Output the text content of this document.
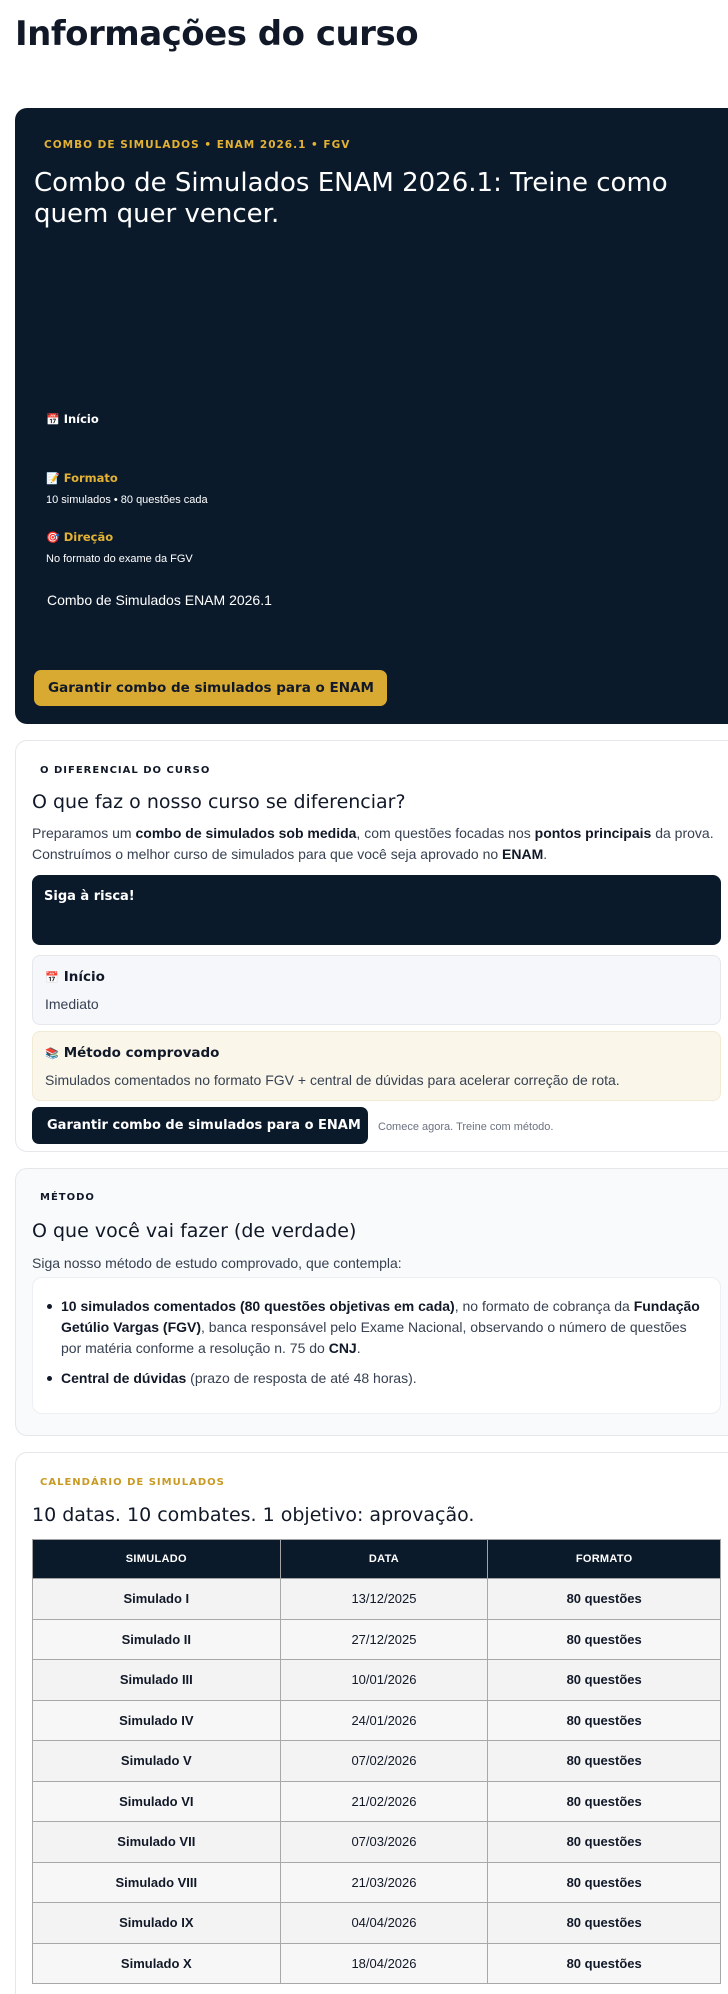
Informações do curso
COMBO DE SIMULADOS • ENAM 2026.1 • FGV
Combo de Simulados ENAM 2026.1: Treine como quem quer vencer.
📅 Início
📝 Formato
10 simulados • 80 questões cada
🎯 Direção
No formato do exame da FGV
Combo de Simulados ENAM 2026.1
Garantir combo de simulados para o ENAM
O DIFERENCIAL DO CURSO
O que faz o nosso curso se diferenciar?
Preparamos um combo de simulados sob medida, com questões focadas nos pontos principais da prova. Construímos o melhor curso de simulados para que você seja aprovado no ENAM.
Siga à risca!
📅 Início
Imediato
📚 Método comprovado
Simulados comentados no formato FGV + central de dúvidas para acelerar correção de rota.
Garantir combo de simulados para o ENAM	Comece agora. Treine com método.
MÉTODO
O que você vai fazer (de verdade)
Siga nosso método de estudo comprovado, que contempla:
10 simulados comentados (80 questões objetivas em cada), no formato de cobrança da Fundação Getúlio Vargas (FGV), banca responsável pelo Exame Nacional, observando o número de questões por matéria conforme a resolução n. 75 do CNJ.
Central de dúvidas (prazo de resposta de até 48 horas).
CALENDÁRIO DE SIMULADOS
10 datas. 10 combates. 1 objetivo: aprovação.
SIMULADO	DATA	FORMATO
Simulado I	13/12/2025	80 questões
Simulado II	27/12/2025	80 questões
Simulado III	10/01/2026	80 questões
Simulado IV	24/01/2026	80 questões
Simulado V	07/02/2026	80 questões
Simulado VI	21/02/2026	80 questões
Simulado VII	07/03/2026	80 questões
Simulado VIII	21/03/2026	80 questões
Simulado IX	04/04/2026	80 questões
Simulado X	18/04/2026	80 questões
